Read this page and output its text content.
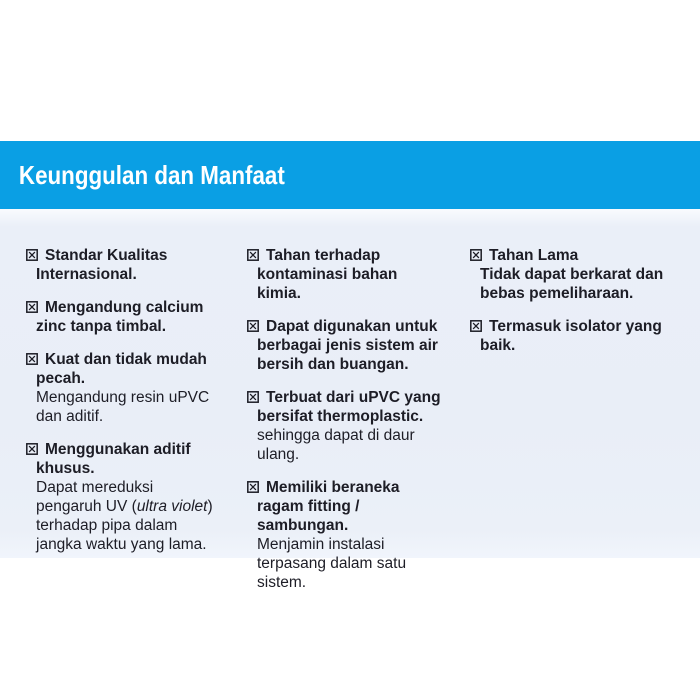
Keunggulan dan Manfaat

Standar Kualitas Internasional.

Mengandung calcium zinc tanpa timbal.

Kuat dan tidak mudah pecah.
Mengandung resin uPVC dan aditif.

Menggunakan aditif khusus.
Dapat mereduksi pengaruh UV (ultra violet) terhadap pipa dalam jangka waktu yang lama.

Tahan terhadap kontaminasi bahan kimia.

Dapat digunakan untuk berbagai jenis sistem air bersih dan buangan.

Terbuat dari uPVC yang bersifat thermoplastic.
sehingga dapat di daur ulang.

Memiliki beraneka ragam fitting / sambungan.
Menjamin instalasi terpasang dalam satu sistem.

Tahan Lama
Tidak dapat berkarat dan bebas pemeliharaan.

Termasuk isolator yang baik.
